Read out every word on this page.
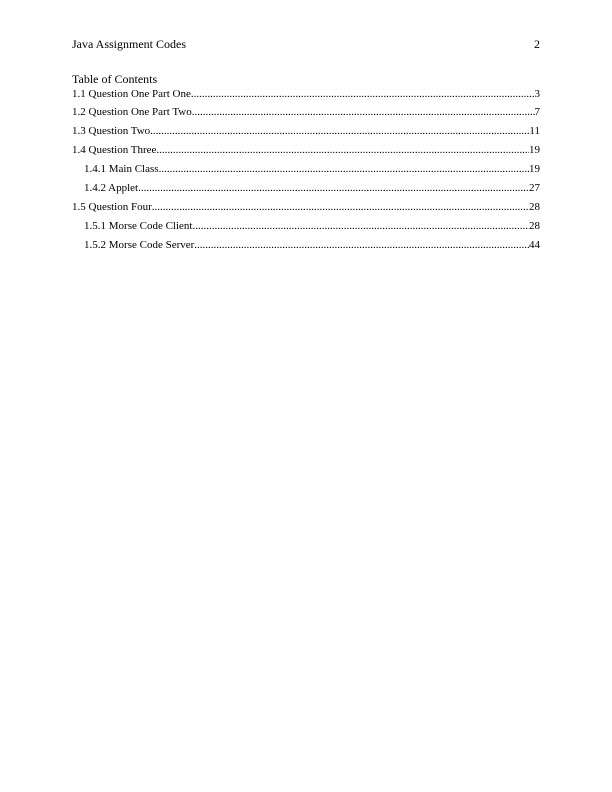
Java Assignment Codes	2
Table of Contents
1.1 Question One Part One .....	3
1.2 Question One Part Two .....	7
1.3 Question Two .....	11
1.4 Question Three .....	19
1.4.1 Main Class .....	19
1.4.2 Applet .....	27
1.5 Question Four .....	28
1.5.1 Morse Code Client .....	28
1.5.2 Morse Code Server .....	44
